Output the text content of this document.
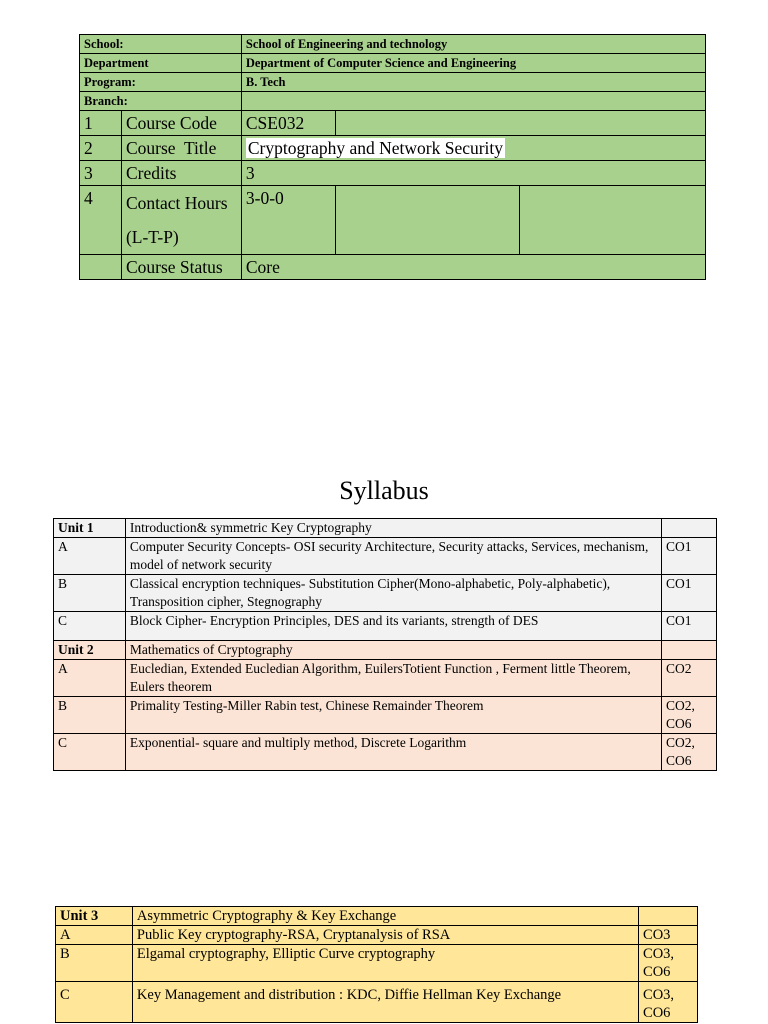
School:		School of Engineering and technology		
Department		Department of Computer Science and Engineering		
Program:		B. Tech		
Branch:				
1	Course Code	CSE032		
2	Course  Title	Cryptography and Network Security		
3	Credits	3		
4	Contact Hours (L-T-P)	3-0-0		
	Course Status	Core		
Syllabus
Unit 1	Introduction& symmetric Key Cryptography	
A	Computer Security Concepts- OSI security Architecture, Security attacks, Services, mechanism, model of network security	CO1
B	Classical encryption techniques- Substitution Cipher(Mono-alphabetic, Poly-alphabetic), Transposition cipher, Stegnography	CO1
C	Block Cipher- Encryption Principles, DES and its variants, strength of DES	CO1
Unit 2	Mathematics of Cryptography	
A	Eucledian, Extended Eucledian Algorithm, EuilersTotient Function , Ferment little Theorem, Eulers theorem	CO2
B	Primality Testing-Miller Rabin test, Chinese Remainder Theorem	CO2,
CO6
C	Exponential- square and multiply method, Discrete Logarithm	CO2,
CO6
Unit 3	Asymmetric Cryptography & Key Exchange	
A	Public Key cryptography-RSA, Cryptanalysis of RSA	CO3
B	Elgamal cryptography, Elliptic Curve cryptography	CO3,
CO6
C	Key Management and distribution : KDC, Diffie Hellman Key Exchange	CO3,
CO6
